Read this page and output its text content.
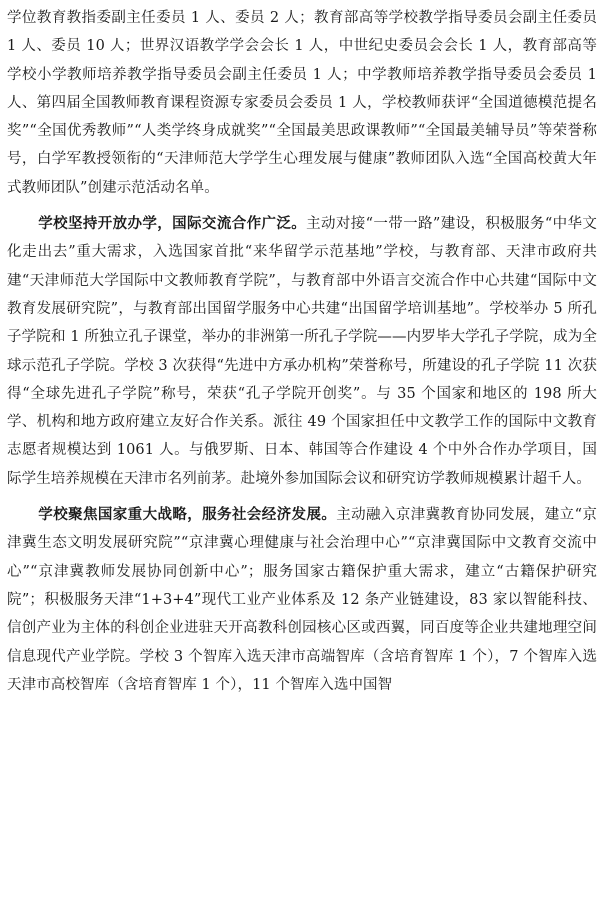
学位教育教指委副主任委员 1 人、委员 2 人；教育部高等学校教学指导委员会副主任委员 1 人、委员 10 人；世界汉语教学学会会长 1 人，中世纪史委员会会长 1 人，教育部高等学校小学教师培养教学指导委员会副主任委员 1 人；中学教师培养教学指导委员会委员 1 人、第四届全国教师教育课程资源专家委员会委员 1 人，学校教师获评“全国道德模范提名奖”“全国优秀教师”“人类学终身成就奖”“全国最美思政课教师”“全国最美辅导员”等荣誉称号，白学军教授领衔的“天津师范大学学生心理发展与健康”教师团队入选“全国高校黄大年式教师团队”创建示范活动名单。

学校坚持开放办学，国际交流合作广泛。主动对接“一带一路”建设，积极服务“中华文化走出去”重大需求，入选国家首批“来华留学示范基地”学校，与教育部、天津市政府共建“天津师范大学国际中文教师教育学院”，与教育部中外语言交流合作中心共建“国际中文教育发展研究院”，与教育部出国留学服务中心共建“出国留学培训基地”。学校举办 5 所孔子学院和 1 所独立孔子课堂，举办的非洲第一所孔子学院——内罗毕大学孔子学院，成为全球示范孔子学院。学校 3 次获得“先进中方承办机构”荣誉称号，所建设的孔子学院 11 次获得“全球先进孔子学院”称号，荣获“孔子学院开创奖”。与 35 个国家和地区的 198 所大学、机构和地方政府建立友好合作关系。派往 49 个国家担任中文教学工作的国际中文教育志愿者规模达到 1061 人。与俄罗斯、日本、韩国等合作建设 4 个中外合作办学项目，国际学生培养规模在天津市名列前茅。赴境外参加国际会议和研究访学教师规模累计超千人。

学校聚焦国家重大战略，服务社会经济发展。主动融入京津冀教育协同发展，建立“京津冀生态文明发展研究院”“京津冀心理健康与社会治理中心”“京津冀国际中文教育交流中心”“京津冀教师发展协同创新中心”；服务国家古籍保护重大需求，建立“古籍保护研究院”；积极服务天津“1+3+4”现代工业产业体系及 12 条产业链建设，83 家以智能科技、信创产业为主体的科创企业进驻天开高教科创园核心区或西翼，同百度等企业共建地理空间信息现代产业学院。学校 3 个智库入选天津市高端智库（含培育智库 1 个），7 个智库入选天津市高校智库（含培育智库 1 个），11 个智库入选中国智
